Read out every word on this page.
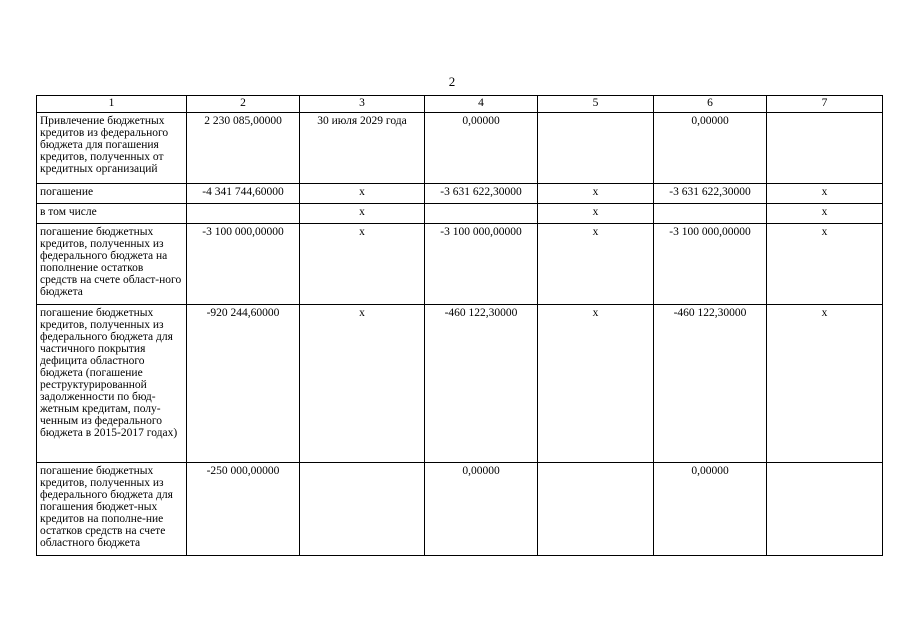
2
1	2	3	4	5	6	7
Привлечение бюджетных кредитов из федерального бюджета для погашения кредитов, полученных от кредитных организаций	2 230 085,00000	30 июля 2029 года	0,00000		0,00000	
погашение	-4 341 744,60000	х	-3 631 622,30000	х	-3 631 622,30000	х
в том числе		х		х		х
погашение бюджетных кредитов, полученных из федерального бюджета на пополнение остатков средств на счете област-ного бюджета	-3 100 000,00000	х	-3 100 000,00000	х	-3 100 000,00000	х
погашение бюджетных кредитов, полученных из федерального бюджета для частичного покрытия дефицита областного бюджета (погашение реструктурированной задолженности по бюд-жетным кредитам, полу-ченным из федерального бюджета в 2015-2017 годах)	-920 244,60000	х	-460 122,30000	х	-460 122,30000	х
погашение бюджетных кредитов, полученных из федерального бюджета для погашения бюджет-ных кредитов на пополне-ние остатков средств на счете областного бюджета	-250 000,00000		0,00000		0,00000	
